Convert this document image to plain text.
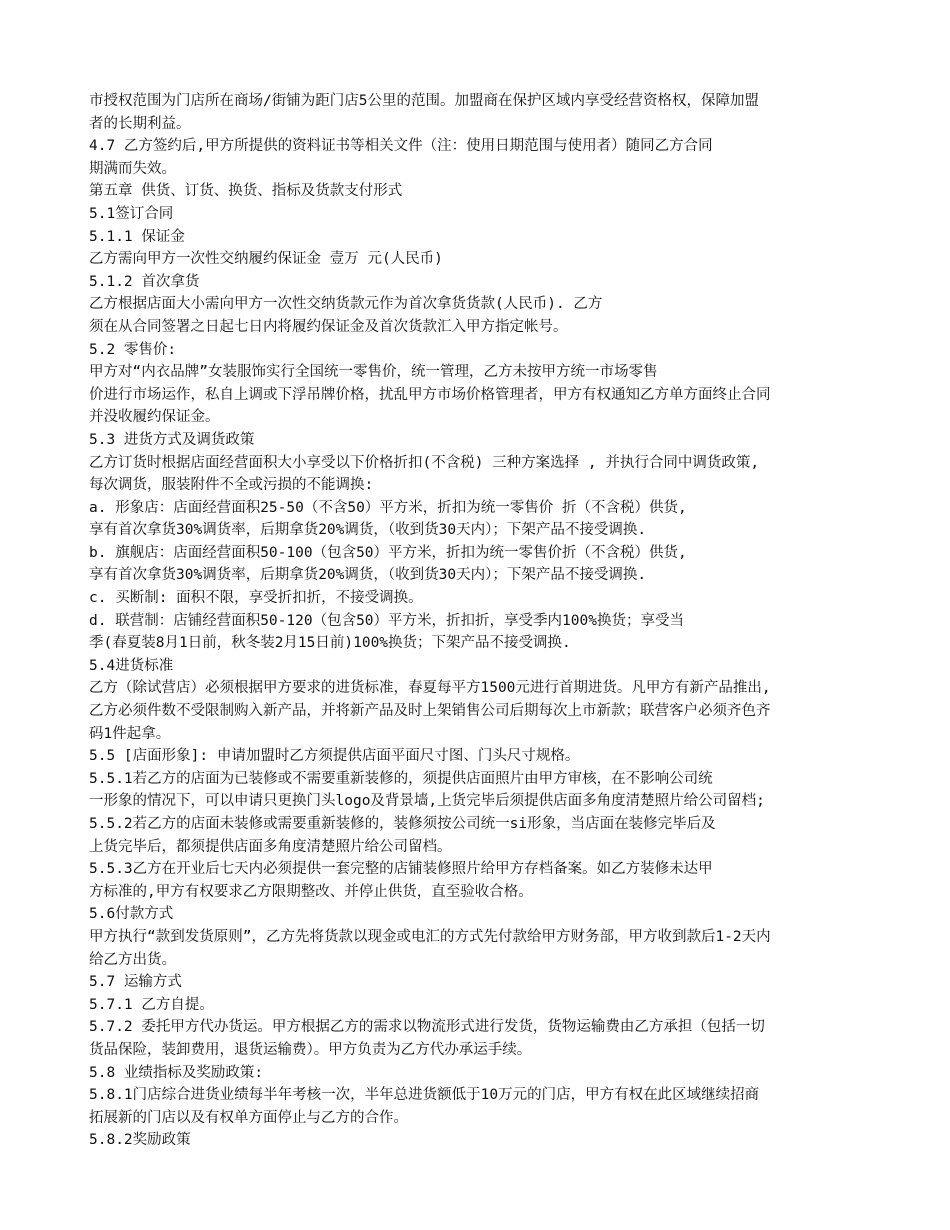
市授权范围为门店所在商场/街铺为距门店5公里的范围。加盟商在保护区域内享受经营资格权，保障加盟
者的长期利益。
4.7 乙方签约后,甲方所提供的资料证书等相关文件（注：使用日期范围与使用者）随同乙方合同
期满而失效。
第五章 供货、订货、换货、指标及货款支付形式
5.1签订合同
5.1.1 保证金
乙方需向甲方一次性交纳履约保证金 壹万 元(人民币)
5.1.2 首次拿货
乙方根据店面大小需向甲方一次性交纳货款元作为首次拿货货款(人民币). 乙方
须在从合同签署之日起七日内将履约保证金及首次货款汇入甲方指定帐号。
5.2 零售价:
甲方对“内衣品牌”女装服饰实行全国统一零售价，统一管理，乙方未按甲方统一市场零售
价进行市场运作，私自上调或下浮吊牌价格，扰乱甲方市场价格管理者，甲方有权通知乙方单方面终止合同
并没收履约保证金。
5.3 进货方式及调货政策
乙方订货时根据店面经营面积大小享受以下价格折扣(不含税) 三种方案选择 , 并执行合同中调货政策,
每次调货，服装附件不全或污损的不能调换:
a. 形象店：店面经营面积25-50（不含50）平方米，折扣为统一零售价 折（不含税）供货,
享有首次拿货30%调货率，后期拿货20%调货，（收到货30天内）；下架产品不接受调换.
b. 旗舰店：店面经营面积50-100（包含50）平方米，折扣为统一零售价折（不含税）供货,
享有首次拿货30%调货率，后期拿货20%调货，（收到货30天内）；下架产品不接受调换.
c. 买断制: 面积不限，享受折扣折，不接受调换。
d. 联营制：店铺经营面积50-120（包含50）平方米，折扣折，享受季内100%换货；享受当
季(春夏装8月1日前，秋冬装2月15日前)100%换货；下架产品不接受调换.
5.4进货标准
乙方（除试营店）必须根据甲方要求的进货标准，春夏每平方1500元进行首期进货。凡甲方有新产品推出,
乙方必须件数不受限制购入新产品，并将新产品及时上架销售公司后期每次上市新款；联营客户必须齐色齐
码1件起拿。
5.5 [店面形象]: 申请加盟时乙方须提供店面平面尺寸图、门头尺寸规格。
5.5.1若乙方的店面为已装修或不需要重新装修的，须提供店面照片由甲方审核，在不影响公司统
一形象的情况下，可以申请只更换门头logo及背景墙,上货完毕后须提供店面多角度清楚照片给公司留档;
5.5.2若乙方的店面未装修或需要重新装修的，装修须按公司统一si形象，当店面在装修完毕后及
上货完毕后，都须提供店面多角度清楚照片给公司留档。
5.5.3乙方在开业后七天内必须提供一套完整的店铺装修照片给甲方存档备案。如乙方装修未达甲
方标准的,甲方有权要求乙方限期整改、并停止供货，直至验收合格。
5.6付款方式
甲方执行“款到发货原则”，乙方先将货款以现金或电汇的方式先付款给甲方财务部，甲方收到款后1-2天内
给乙方出货。
5.7 运输方式
5.7.1 乙方自提。
5.7.2 委托甲方代办货运。甲方根据乙方的需求以物流形式进行发货，货物运输费由乙方承担（包括一切
货品保险，装卸费用，退货运输费）。甲方负责为乙方代办承运手续。
5.8 业绩指标及奖励政策:
5.8.1门店综合进货业绩每半年考核一次，半年总进货额低于10万元的门店，甲方有权在此区域继续招商
拓展新的门店以及有权单方面停止与乙方的合作。
5.8.2奖励政策
